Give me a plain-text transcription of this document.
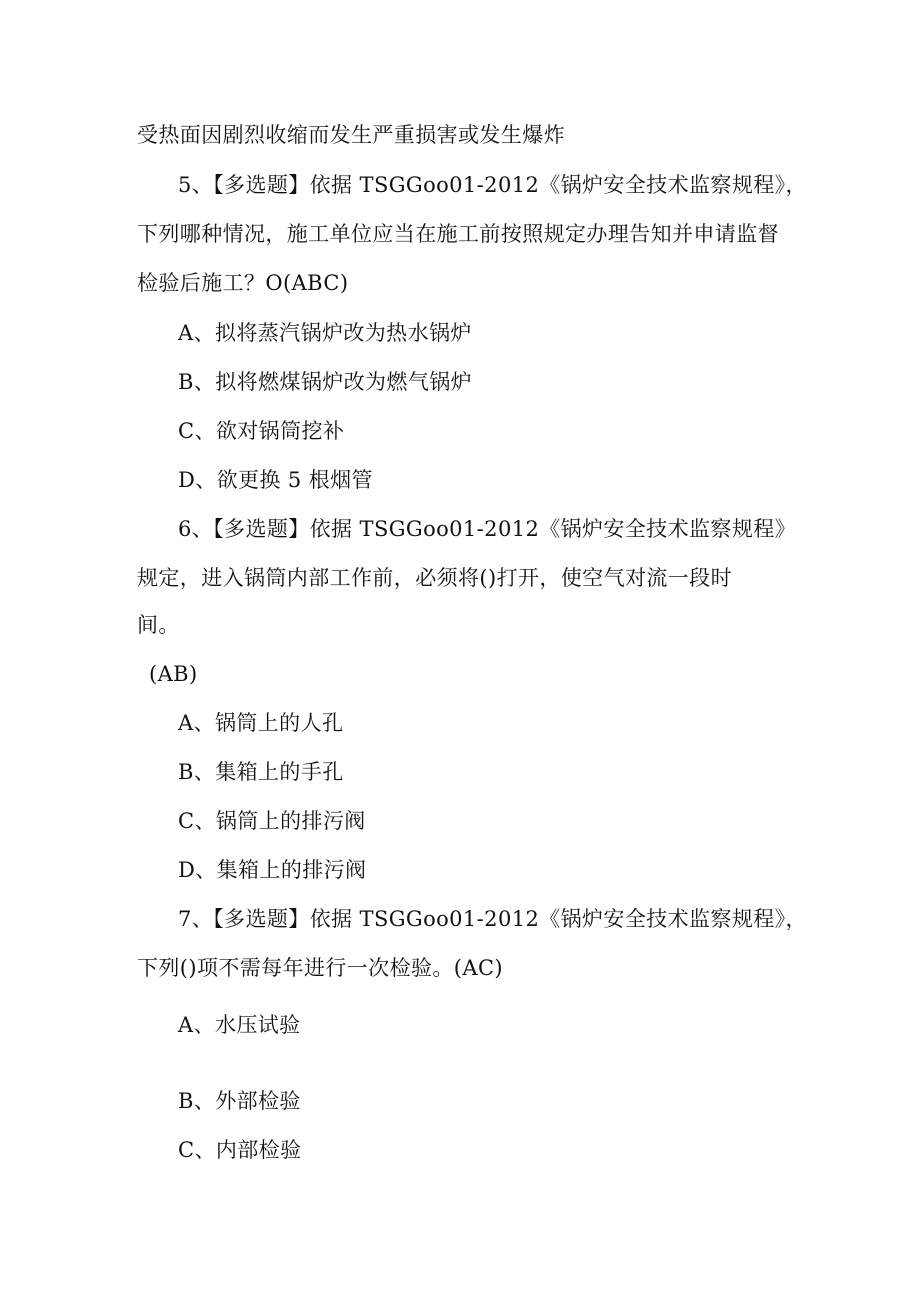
受热面因剧烈收缩而发生严重损害或发生爆炸
5、【多选题】依据 TSGGoo01-2012《锅炉安全技术监察规程》，
下列哪种情况，施工单位应当在施工前按照规定办理告知并申请监督
检验后施工？O(ABC)
A、拟将蒸汽锅炉改为热水锅炉
B、拟将燃煤锅炉改为燃气锅炉
C、欲对锅筒挖补
D、欲更换 5 根烟管
6、【多选题】依据 TSGGoo01-2012《锅炉安全技术监察规程》
规定，进入锅筒内部工作前，必须将()打开，使空气对流一段时
间。
(AB)
A、锅筒上的人孔
B、集箱上的手孔
C、锅筒上的排污阀
D、集箱上的排污阀
7、【多选题】依据 TSGGoo01-2012《锅炉安全技术监察规程》，
下列()项不需每年进行一次检验。(AC)
A、水压试验
B、外部检验
C、内部检验
